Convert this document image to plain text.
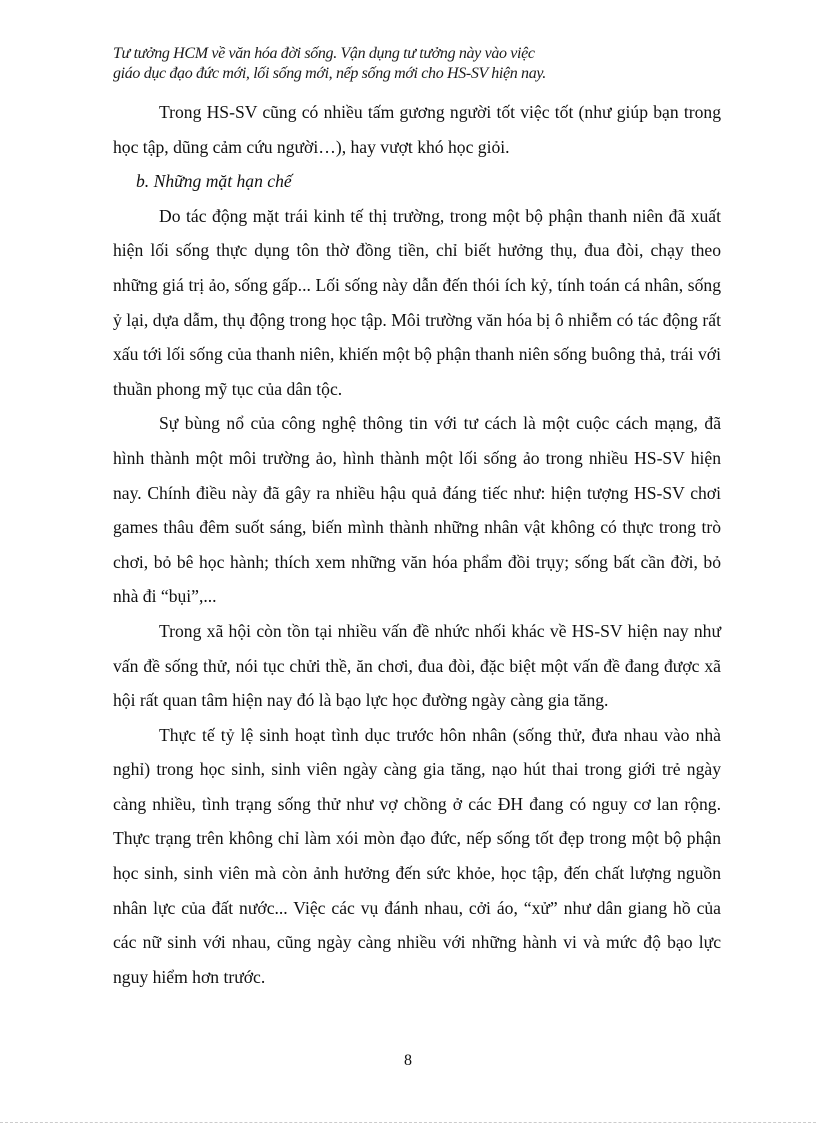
Tư tưởng HCM về văn hóa đời sống. Vận dụng tư tưởng này vào việc
giáo dục đạo đức mới, lối sống mới, nếp sống mới cho HS-SV hiện nay.

Trong HS-SV cũng có nhiều tấm gương người tốt việc tốt (như giúp bạn trong học tập, dũng cảm cứu người…), hay vượt khó học giỏi.

b. Những mặt hạn chế

Do tác động mặt trái kinh tế thị trường, trong một bộ phận thanh niên đã xuất hiện lối sống thực dụng tôn thờ đồng tiền, chỉ biết hưởng thụ, đua đòi, chạy theo những giá trị ảo, sống gấp... Lối sống này dẫn đến thói ích kỷ, tính toán cá nhân, sống ỷ lại, dựa dẫm, thụ động trong học tập. Môi trường văn hóa bị ô nhiễm có tác động rất xấu tới lối sống của thanh niên, khiến một bộ phận thanh niên sống buông thả, trái với thuần phong mỹ tục của dân tộc.

Sự bùng nổ của công nghệ thông tin với tư cách là một cuộc cách mạng, đã hình thành một môi trường ảo, hình thành một lối sống ảo trong nhiều HS-SV hiện nay. Chính điều này đã gây ra nhiều hậu quả đáng tiếc như: hiện tượng HS-SV chơi games thâu đêm suốt sáng, biến mình thành những nhân vật không có thực trong trò chơi, bỏ bê học hành; thích xem những văn hóa phẩm đồi trụy; sống bất cần đời, bỏ nhà đi “bụi”,...

Trong xã hội còn tồn tại nhiều vấn đề nhức nhối khác về HS-SV hiện nay như vấn đề sống thử, nói tục chửi thề, ăn chơi, đua đòi, đặc biệt một vấn đề đang được xã hội rất quan tâm hiện nay đó là bạo lực học đường ngày càng gia tăng.

Thực tế tỷ lệ sinh hoạt tình dục trước hôn nhân (sống thử, đưa nhau vào nhà nghỉ) trong học sinh, sinh viên ngày càng gia tăng, nạo hút thai trong giới trẻ ngày càng nhiều, tình trạng sống thử như vợ chồng ở các ĐH đang có nguy cơ lan rộng. Thực trạng trên không chỉ làm xói mòn đạo đức, nếp sống tốt đẹp trong một bộ phận học sinh, sinh viên mà còn ảnh hưởng đến sức khỏe, học tập, đến chất lượng nguồn nhân lực của đất nước... Việc các vụ đánh nhau, cởi áo, “xử” như dân giang hồ của các nữ sinh với nhau, cũng ngày càng nhiều với những hành vi và mức độ bạo lực nguy hiểm hơn trước.

8
